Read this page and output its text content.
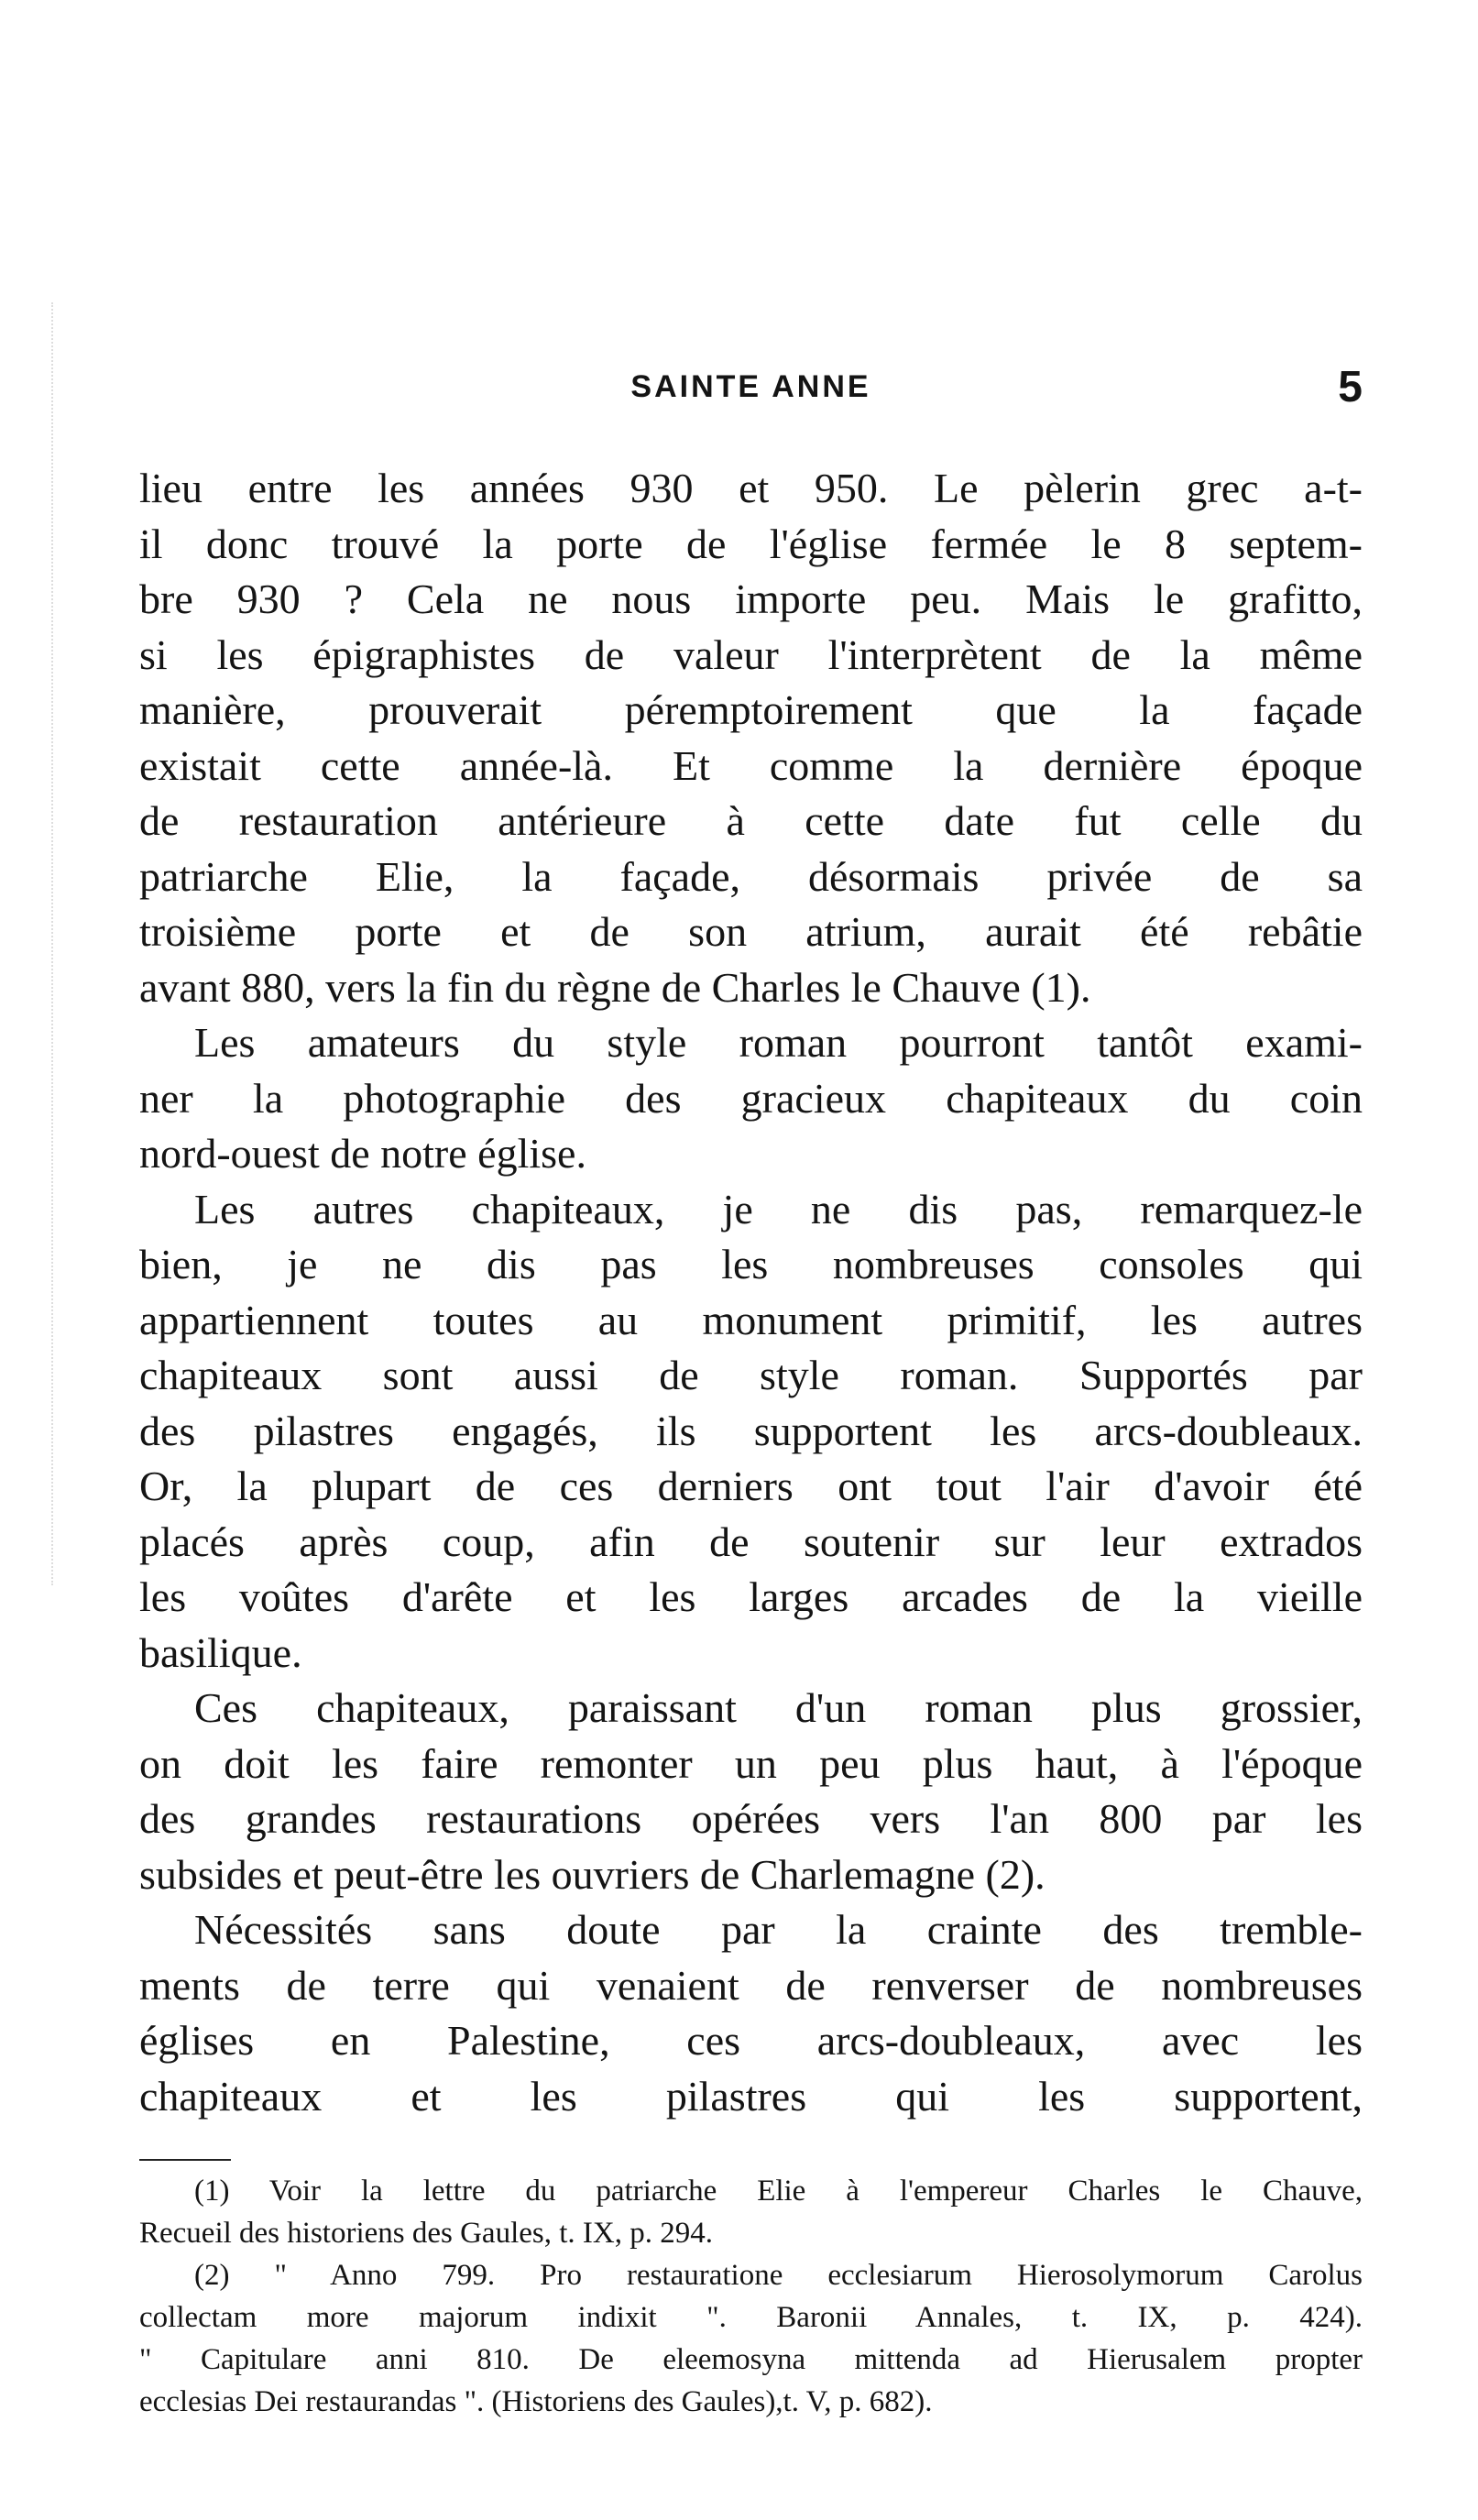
SAINTE ANNE	5
lieu entre les années 930 et 950. Le pèlerin grec a-t-
il donc trouvé la porte de l'église fermée le 8 septem-
bre 930 ? Cela ne nous importe peu. Mais le grafitto,
si les épigraphistes de valeur l'interprètent de la même
manière, prouverait péremptoirement que la façade
existait cette année-là. Et comme la dernière époque
de restauration antérieure à cette date fut celle du
patriarche Elie, la façade, désormais privée de sa
troisième porte et de son atrium, aurait été rebâtie
avant 880, vers la fin du règne de Charles le Chauve (1).
Les amateurs du style roman pourront tantôt exami-
ner la photographie des gracieux chapiteaux du coin
nord-ouest de notre église.
Les autres chapiteaux, je ne dis pas, remarquez-le
bien, je ne dis pas les nombreuses consoles qui
appartiennent toutes au monument primitif, les autres
chapiteaux sont aussi de style roman. Supportés par
des pilastres engagés, ils supportent les arcs-doubleaux.
Or, la plupart de ces derniers ont tout l'air d'avoir été
placés après coup, afin de soutenir sur leur extrados
les voûtes d'arête et les larges arcades de la vieille
basilique.
Ces chapiteaux, paraissant d'un roman plus grossier,
on doit les faire remonter un peu plus haut, à l'époque
des grandes restaurations opérées vers l'an 800 par les
subsides et peut-être les ouvriers de Charlemagne (2).
Nécessités sans doute par la crainte des tremble-
ments de terre qui venaient de renverser de nombreuses
églises en Palestine, ces arcs-doubleaux, avec les
chapiteaux et les pilastres qui les supportent,
(1) Voir la lettre du patriarche Elie à l'empereur Charles le Chauve,
Recueil des historiens des Gaules, t. IX, p. 294.
(2) " Anno 799. Pro restauratione ecclesiarum Hierosolymorum Carolus
collectam more majorum indixit ". Baronii Annales, t. IX, p. 424).
" Capitulare anni 810. De eleemosyna mittenda ad Hierusalem propter
ecclesias Dei restaurandas ". (Historiens des Gaules),t. V, p. 682).
